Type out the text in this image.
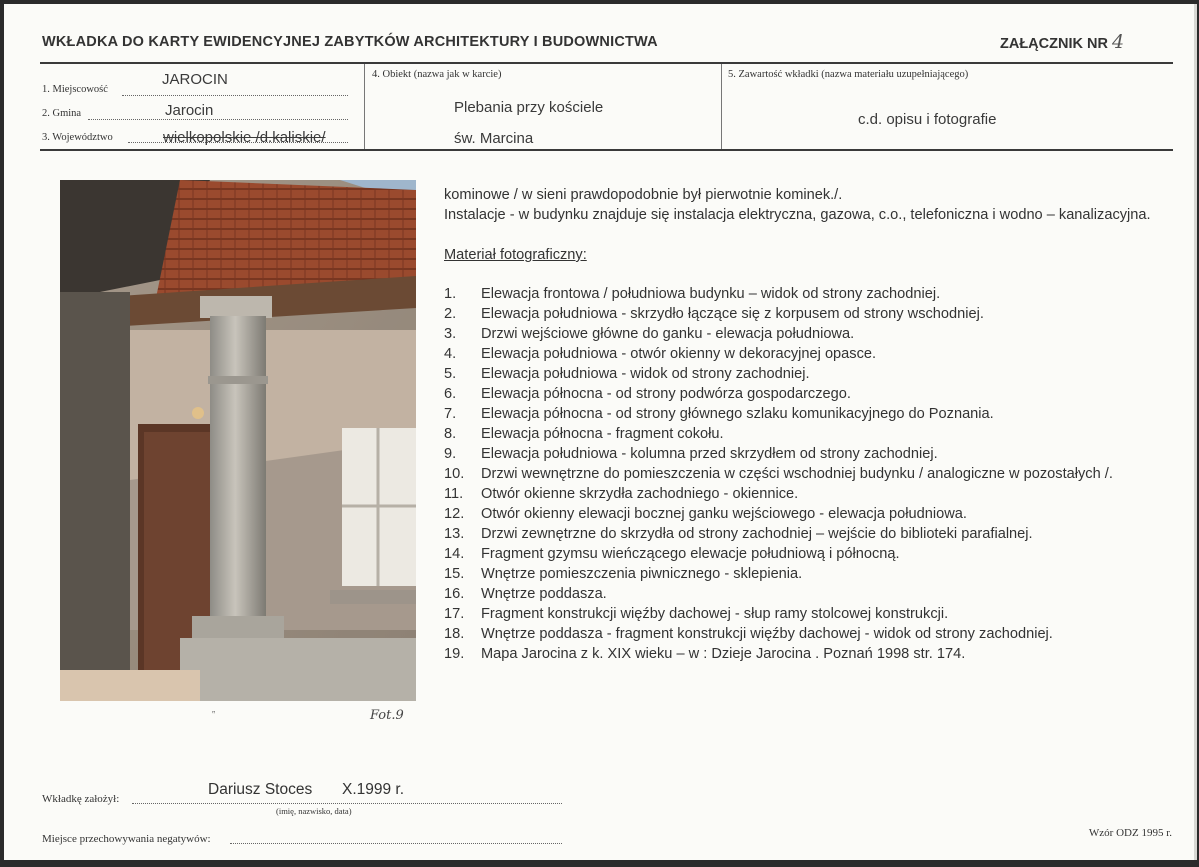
WKŁADKA DO KARTY EWIDENCYJNEJ ZABYTKÓW ARCHITEKTURY I BUDOWNICTWA	ZAŁĄCZNIK NR 4
1. Miejscowość
JAROCIN
2. Gmina	Jarocin
3. Województwo	wielkopolskie /d.kaliskie/
4. Obiekt (nazwa jak w karcie)
Plebania przy kościele
św. Marcina
5. Zawartość wkładki (nazwa materiału uzupełniającego)
c.d. opisu i fotografie
‟	Fot.9

kominowe / w sieni prawdopodobnie był pierwotnie kominek./.

Instalacje - w budynku znajduje się instalacja elektryczna, gazowa, c.o., telefoniczna i wodno – kanalizacyjna.

Materiał fotograficzny:

1.	Elewacja frontowa / południowa budynku – widok od strony zachodniej.
2.	Elewacja południowa - skrzydło łączące się z korpusem od strony wschodniej.
3.	Drzwi wejściowe główne do ganku - elewacja południowa.
4.	Elewacja południowa - otwór okienny w dekoracyjnej opasce.
5.	Elewacja południowa - widok od strony zachodniej.
6.	Elewacja północna - od strony podwórza gospodarczego.
7.	Elewacja północna - od strony głównego szlaku komunikacyjnego do Poznania.
8.	Elewacja północna - fragment cokołu.
9.	Elewacja południowa - kolumna przed skrzydłem od strony zachodniej.
10.	Drzwi wewnętrzne do pomieszczenia w części wschodniej budynku / analogiczne w pozostałych /.
11.	Otwór okienne skrzydła zachodniego - okiennice.
12.	Otwór okienny elewacji bocznej ganku wejściowego - elewacja południowa.
13.	Drzwi zewnętrzne do skrzydła od strony zachodniej – wejście do biblioteki parafialnej.
14.	Fragment gzymsu wieńczącego elewacje południową i północną.
15.	Wnętrze pomieszczenia piwnicznego - sklepienia.
16.	Wnętrze poddasza.
17.	Fragment konstrukcji więźby dachowej - słup ramy stolcowej konstrukcji.
18.	Wnętrze poddasza - fragment konstrukcji więźby dachowej - widok od strony zachodniej.
19.	Mapa Jarocina z k. XIX wieku – w : Dzieje Jarocina . Poznań 1998 str. 174.
Wkładkę założył:
Dariusz Stoces X.1999 r.
(imię, nazwisko, data)
Miejsce przechowywania negatywów:	Wzór ODZ 1995 r.
